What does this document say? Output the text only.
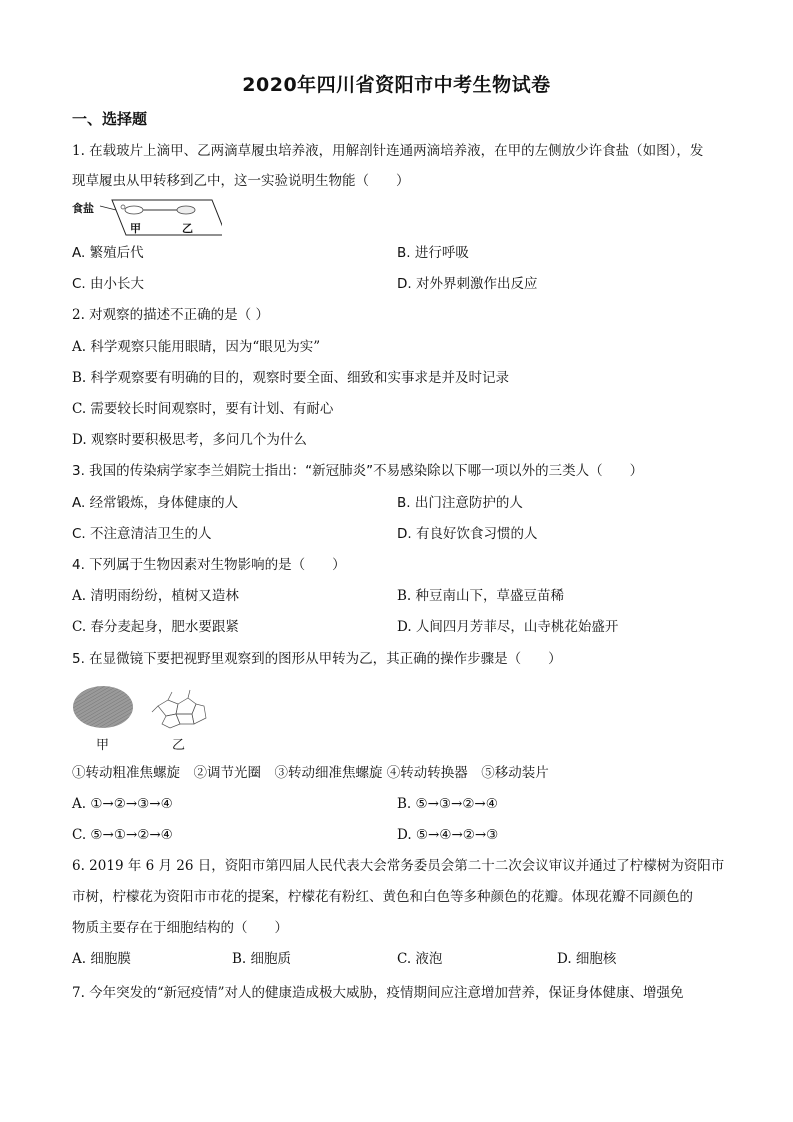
2020年四川省资阳市中考生物试卷
一、选择题
1. 在载玻片上滴甲、乙两滴草履虫培养液，用解剖针连通两滴培养液，在甲的左侧放少许食盐（如图），发
现草履虫从甲转移到乙中，这一实验说明生物能（　　）
食盐
甲	乙
A. 繁殖后代	B. 进行呼吸
C. 由小长大	D. 对外界刺激作出反应
2. 对观察的描述不正确的是（ ）
A. 科学观察只能用眼睛，因为“眼见为实”
B. 科学观察要有明确的目的，观察时要全面、细致和实事求是并及时记录
C. 需要较长时间观察时，要有计划、有耐心
D. 观察时要积极思考，多问几个为什么
3. 我国的传染病学家李兰娟院士指出：“新冠肺炎”不易感染除以下哪一项以外的三类人（　　）
A. 经常锻炼，身体健康的人	B. 出门注意防护的人
C. 不注意清洁卫生的人	D. 有良好饮食习惯的人
4. 下列属于生物因素对生物影响的是（　　）
A. 清明雨纷纷，植树又造林	B. 种豆南山下，草盛豆苗稀
C. 春分麦起身，肥水要跟紧	D. 人间四月芳菲尽，山寺桃花始盛开
5. 在显微镜下要把视野里观察到的图形从甲转为乙，其正确的操作步骤是（　　）
甲	乙
①转动粗准焦螺旋　②调节光圈　③转动细准焦螺旋 ④转动转换器　⑤移动装片
A. ①→②→③→④	B. ⑤→③→②→④
C. ⑤→①→②→④	D. ⑤→④→②→③
6. 2019 年 6 月 26 日，资阳市第四届人民代表大会常务委员会第二十二次会议审议并通过了柠檬树为资阳市
市树，柠檬花为资阳市市花的提案，柠檬花有粉红、黄色和白色等多种颜色的花瓣。体现花瓣不同颜色的
物质主要存在于细胞结构的（　　）
A. 细胞膜	B. 细胞质	C. 液泡	D. 细胞核
7. 今年突发的“新冠疫情”对人的健康造成极大威胁，疫情期间应注意增加营养，保证身体健康、增强免
